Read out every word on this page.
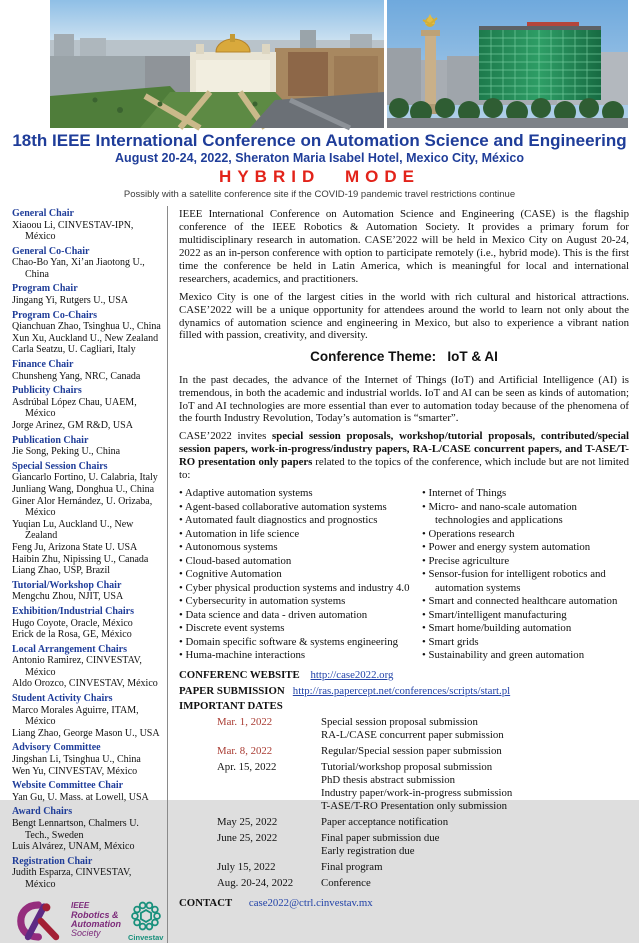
18th IEEE International Conference on Automation Science and Engineering
August 20-24, 2022, Sheraton Maria Isabel Hotel, Mexico City, México
HYBRID MODE
Possibly with a satellite conference site if the COVID-19 pandemic travel restrictions continue
General Chair
Xiaoou Li, CINVESTAV-IPN, México
General Co-Chair
Chao-Bo Yan, Xi’an Jiaotong U., China
Program Chair
Jingang Yi, Rutgers U., USA
Program Co-Chairs
Qianchuan Zhao, Tsinghua U., China
Xun Xu, Auckland U., New Zealand
Carla Seatzu, U. Cagliari, Italy
Finance Chair
Chunsheng Yang, NRC, Canada
Publicity Chairs
Asdrúbal López Chau, UAEM, México
Jorge Arinez, GM R&D, USA
Publication Chair
Jie Song, Peking U., China
Special Session Chairs
Giancarlo Fortino, U. Calabria, Italy
Junliang Wang, Donghua U., China
Giner Alor Hernández, U. Orizaba, México
Yuqian Lu, Auckland U., New Zealand
Feng Ju, Arizona State U. USA
Haibin Zhu, Nipissing U., Canada
Liang Zhao, USP, Brazil
Tutorial/Workshop Chair
Mengchu Zhou, NJIT, USA
Exhibition/Industrial Chairs
Hugo Coyote, Oracle, México
Erick de la Rosa, GE, México
Local Arrangement Chairs
Antonio Ramirez, CINVESTAV, México
Aldo Orozco, CINVESTAV, México
Student Activity Chairs
Marco Morales Aguirre, ITAM, México
Liang Zhao, George Mason U., USA
Advisory Committee
Jingshan Li, Tsinghua U., China
Wen Yu, CINVESTAV, México
Website Committee Chair
Yan Gu, U. Mass. at Lowell, USA
Award Chairs
Bengt Lennartson, Chalmers U. Tech., Sweden
Luis Alvárez, UNAM, México
Registration Chair
Judith Esparza, CINVESTAV, México
IEEE
Robotics &
Automation
Society	Cinvestav

IEEE International Conference on Automation Science and Engineering (CASE) is the flagship conference of the IEEE Robotics & Automation Society. It provides a primary forum for multidisciplinary research in automation. CASE’2022 will be held in Mexico City on August 20-24, 2022 as an in-person conference with option to participate remotely (i.e., hybrid mode). This is the first time the conference be held in Latin America, which is meaningful for local and international researchers, academics, and practitioners.

Mexico City is one of the largest cities in the world with rich cultural and historical attractions. CASE’2022 will be a unique opportunity for attendees around the world to learn not only about the dynamics of automation science and engineering in Mexico, but also to experience a vibrant nation filled with passion, creativity, and diversity.

Conference Theme:   IoT & AI

In the past decades, the advance of the Internet of Things (IoT) and Artificial Intelligence (AI) is tremendous, in both the academic and industrial worlds. IoT and AI can be seen as kinds of automation; IoT and AI technologies are more essential than ever to automation today because of the phenomena of the fourth Industry Revolution, Today’s automation is “smarter”.

CASE’2022 invites special session proposals, workshop/tutorial proposals, contributed/special session papers, work-in-progress/industry papers, RA-L/CASE concurrent papers, and T-ASE/T-RO presentation only papers related to the topics of the conference, which include but are not limited to:

• Adaptive automation systems
• Agent-based collaborative automation systems
• Automated fault diagnostics and prognostics
• Automation in life science
• Autonomous systems
• Cloud-based automation
• Cognitive Automation
• Cyber physical production systems and industry 4.0
• Cybersecurity in automation systems
• Data science and data - driven automation
• Discrete event systems
• Domain specific software & systems engineering
• Huma-machine interactions
• Internet of Things
• Micro- and nano-scale automation technologies and applications
• Operations research
• Power and energy system automation
• Precise agriculture
• Sensor-fusion for intelligent robotics and automation systems
• Smart and connected healthcare automation
• Smart/intelligent manufacturing
• Smart home/building automation
• Smart grids
• Sustainability and green automation
CONFERENC WEBSITE http://case2022.org
PAPER SUBMISSION http://ras.papercept.net/conferences/scripts/start.pl
IMPORTANT DATES
Mar. 1, 2022	Special session proposal submission
RA-L/CASE concurrent paper submission
Mar. 8, 2022	Regular/Special session paper submission
Apr. 15, 2022	Tutorial/workshop proposal submission
PhD thesis abstract submission
Industry paper/work-in-progress submission
T-ASE/T-RO Presentation only submission
May 25, 2022	Paper acceptance notification
June 25, 2022	Final paper submission due
Early registration due
July 15, 2022	Final program
Aug. 20-24, 2022	Conference
CONTACT case2022@ctrl.cinvestav.mx
